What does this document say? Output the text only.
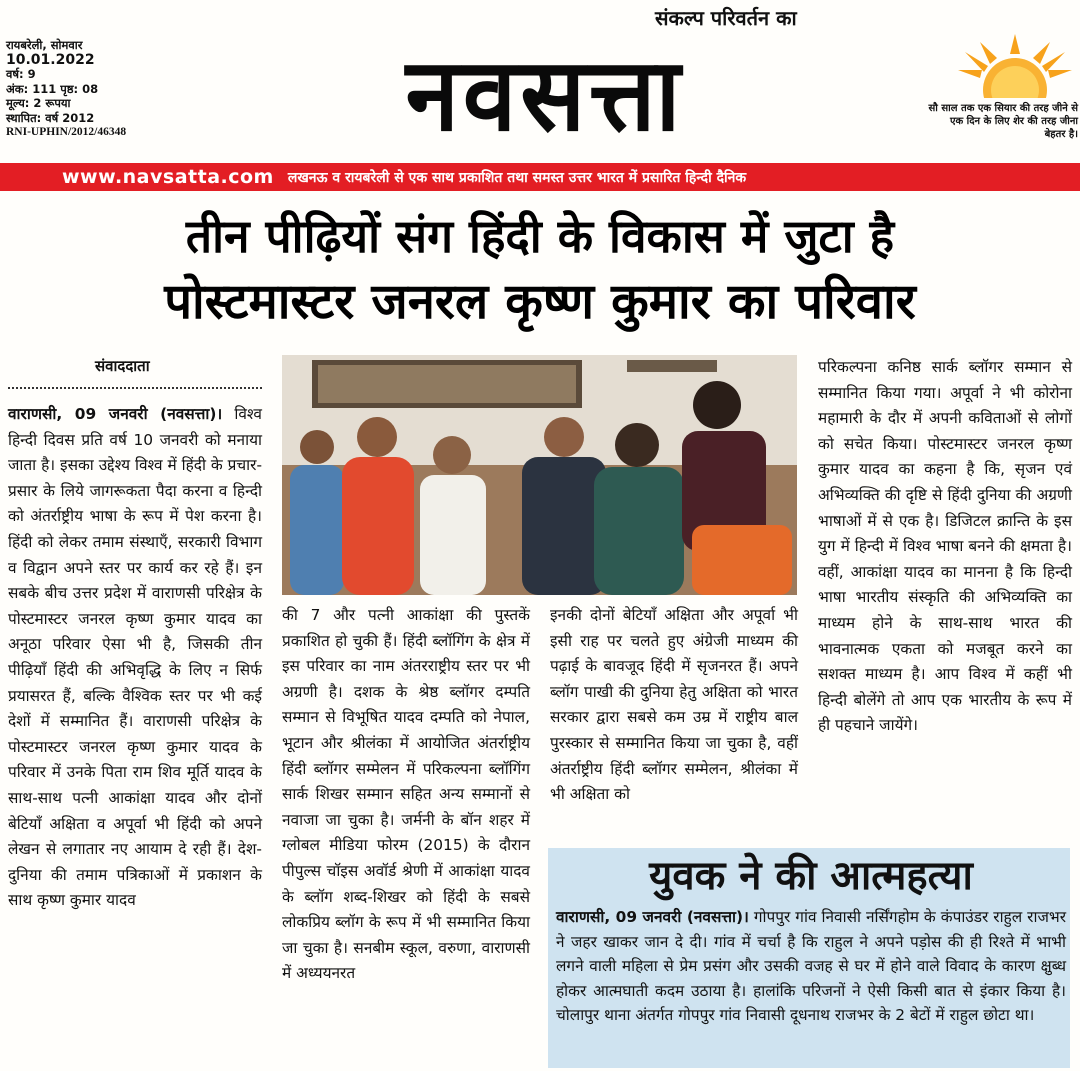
संकल्प परिवर्तन का
रायबरेली, सोमवार
10.01.2022
वर्ष: 9
अंक: 111 पृष्ठ: 08
मूल्य: 2 रूपया
स्थापित: वर्ष 2012
RNI-UPHIN/2012/46348	नवसत्ता	सौ साल तक एक सियार की तरह जीने से एक दिन के लिए शेर की तरह जीना बेहतर है।
www.navsatta.com लखनऊ व रायबरेली से एक साथ प्रकाशित तथा समस्त उत्तर भारत में प्रसारित हिन्दी दैनिक
तीन पीढ़ियों संग हिंदी के विकास में जुटा है
पोस्टमास्टर जनरल कृष्ण कुमार का परिवार
संवाददाता
वाराणसी, 09 जनवरी (नवसत्ता)। विश्व हिन्दी दिवस प्रति वर्ष 10 जनवरी को मनाया जाता है। इसका उद्देश्य विश्व में हिंदी के प्रचार-प्रसार के लिये जागरूकता पैदा करना व हिन्दी को अंतर्राष्ट्रीय भाषा के रूप में पेश करना है। हिंदी को लेकर तमाम संस्थाएँ, सरकारी विभाग व विद्वान अपने स्तर पर कार्य कर रहे हैं। इन सबके बीच उत्तर प्रदेश में वाराणसी परिक्षेत्र के पोस्टमास्टर जनरल कृष्ण कुमार यादव का अनूठा परिवार ऐसा भी है, जिसकी तीन पीढ़ियाँ हिंदी की अभिवृद्धि के लिए न सिर्फ प्रयासरत हैं, बल्कि वैश्विक स्तर पर भी कई देशों में सम्मानित हैं। वाराणसी परिक्षेत्र के पोस्टमास्टर जनरल कृष्ण कुमार यादव के परिवार में उनके पिता राम शिव मूर्ति यादव के साथ-साथ पत्नी आकांक्षा यादव और दोनों बेटियाँ अक्षिता व अपूर्वा भी हिंदी को अपने लेखन से लगातार नए आयाम दे रही हैं। देश-दुनिया की तमाम पत्रिकाओं में प्रकाशन के साथ कृष्ण कुमार यादव
की 7 और पत्नी आकांक्षा की पुस्तकें प्रकाशित हो चुकी हैं। हिंदी ब्लॉगिंग के क्षेत्र में इस परिवार का नाम अंतरराष्ट्रीय स्तर पर भी अग्रणी है। दशक के श्रेष्ठ ब्लॉगर दम्पति सम्मान से विभूषित यादव दम्पति को नेपाल, भूटान और श्रीलंका में आयोजित अंतर्राष्ट्रीय हिंदी ब्लॉगर सम्मेलन में परिकल्पना ब्लॉगिंग सार्क शिखर सम्मान सहित अन्य सम्मानों से नवाजा जा चुका है। जर्मनी के बॉन शहर में ग्लोबल मीडिया फोरम (2015) के दौरान पीपुल्स चॉइस अवॉर्ड श्रेणी में आकांक्षा यादव के ब्लॉग शब्द-शिखर को हिंदी के सबसे लोकप्रिय ब्लॉग के रूप में भी सम्मानित किया जा चुका है। सनबीम स्कूल, वरुणा, वाराणसी में अध्ययनरत
इनकी दोनों बेटियाँ अक्षिता और अपूर्वा भी इसी राह पर चलते हुए अंग्रेजी माध्यम की पढ़ाई के बावजूद हिंदी में सृजनरत हैं। अपने ब्लॉग पाखी की दुनिया हेतु अक्षिता को भारत सरकार द्वारा सबसे कम उम्र में राष्ट्रीय बाल पुरस्कार से सम्मानित किया जा चुका है, वहीं अंतर्राष्ट्रीय हिंदी ब्लॉगर सम्मेलन, श्रीलंका में भी अक्षिता को
परिकल्पना कनिष्ठ सार्क ब्लॉगर सम्मान से सम्मानित किया गया। अपूर्वा ने भी कोरोना महामारी के दौर में अपनी कविताओं से लोगों को सचेत किया। पोस्टमास्टर जनरल कृष्ण कुमार यादव का कहना है कि, सृजन एवं अभिव्यक्ति की दृष्टि से हिंदी दुनिया की अग्रणी भाषाओं में से एक है। डिजिटल क्रान्ति के इस युग में हिन्दी में विश्व भाषा बनने की क्षमता है। वहीं, आकांक्षा यादव का मानना है कि हिन्दी भाषा भारतीय संस्कृति की अभिव्यक्ति का माध्यम होने के साथ-साथ भारत की भावनात्मक एकता को मजबूत करने का सशक्त माध्यम है। आप विश्व में कहीं भी हिन्दी बोलेंगे तो आप एक भारतीय के रूप में ही पहचाने जायेंगे।
युवक ने की आत्महत्या
वाराणसी, 09 जनवरी (नवसत्ता)। गोपपुर गांव निवासी नर्सिंगहोम के कंपाउंडर राहुल राजभर ने जहर खाकर जान दे दी। गांव में चर्चा है कि राहुल ने अपने पड़ोस की ही रिश्ते में भाभी लगने वाली महिला से प्रेम प्रसंग और उसकी वजह से घर में होने वाले विवाद के कारण क्षुब्ध होकर आत्मघाती कदम उठाया है। हालांकि परिजनों ने ऐसी किसी बात से इंकार किया है। चोलापुर थाना अंतर्गत गोपपुर गांव निवासी दूधनाथ राजभर के 2 बेटों में राहुल छोटा था।
